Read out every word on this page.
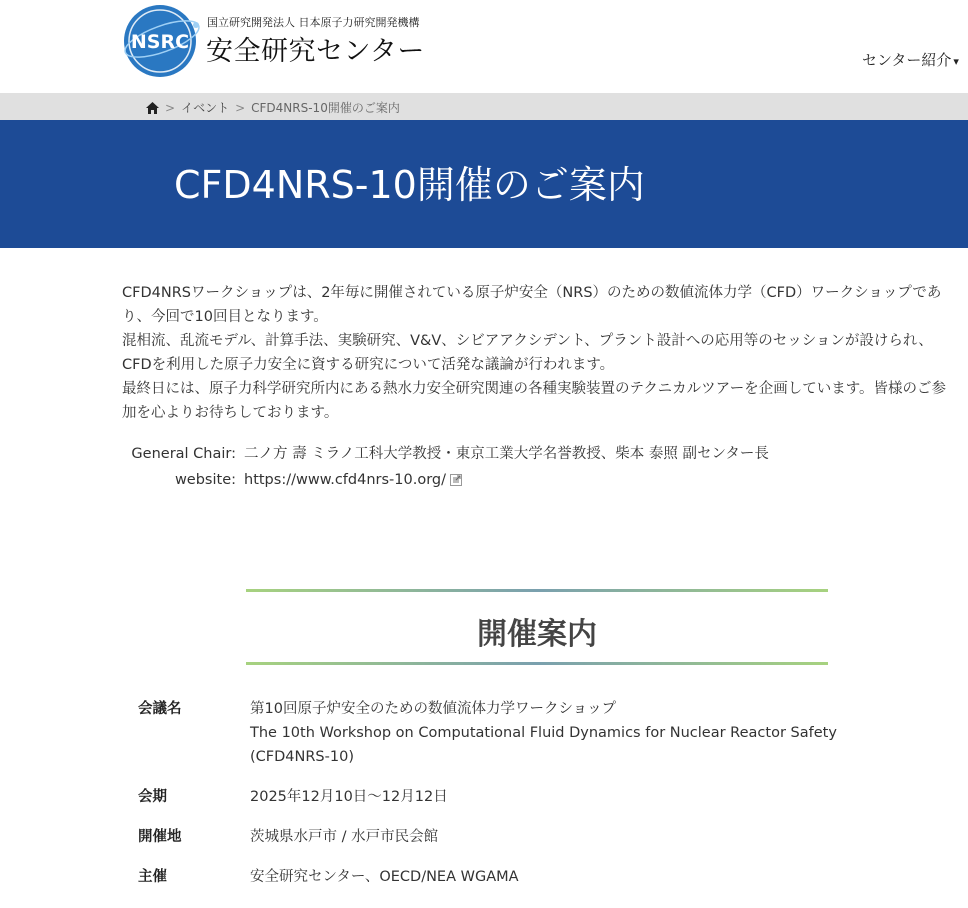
NSRC
国立研究開発法人 日本原子力研究開発機構
安全研究センター	センター紹介 ▾
> イベント > CFD4NRS-10開催のご案内
CFD4NRS-10開催のご案内

CFD4NRSワークショップは、2年毎に開催されている原子炉安全（NRS）のための数値流体力学（CFD）ワークショップであり、今回で10回目となります。

混相流、乱流モデル、計算手法、実験研究、V&V、シビアアクシデント、プラント設計への応用等のセッションが設けられ、CFDを利用した原子力安全に資する研究について活発な議論が行われます。

最終日には、原子力科学研究所内にある熱水力安全研究関連の各種実験装置のテクニカルツアーを企画しています。皆様のご参加を心よりお待ちしております。

General Chair: 二ノ方 壽 ミラノ工科大学教授・東京工業大学名誉教授、柴本 泰照 副センター長
website: https://www.cfd4nrs-10.org/
開催案内
会議名	第10回原子炉安全のための数値流体力学ワークショップ
The 10th Workshop on Computational Fluid Dynamics for Nuclear Reactor Safety
(CFD4NRS-10)
会期	2025年12月10日～12月12日
開催地	茨城県水戸市 / 水戸市民会館
主催	安全研究センター、OECD/NEA WGAMA
